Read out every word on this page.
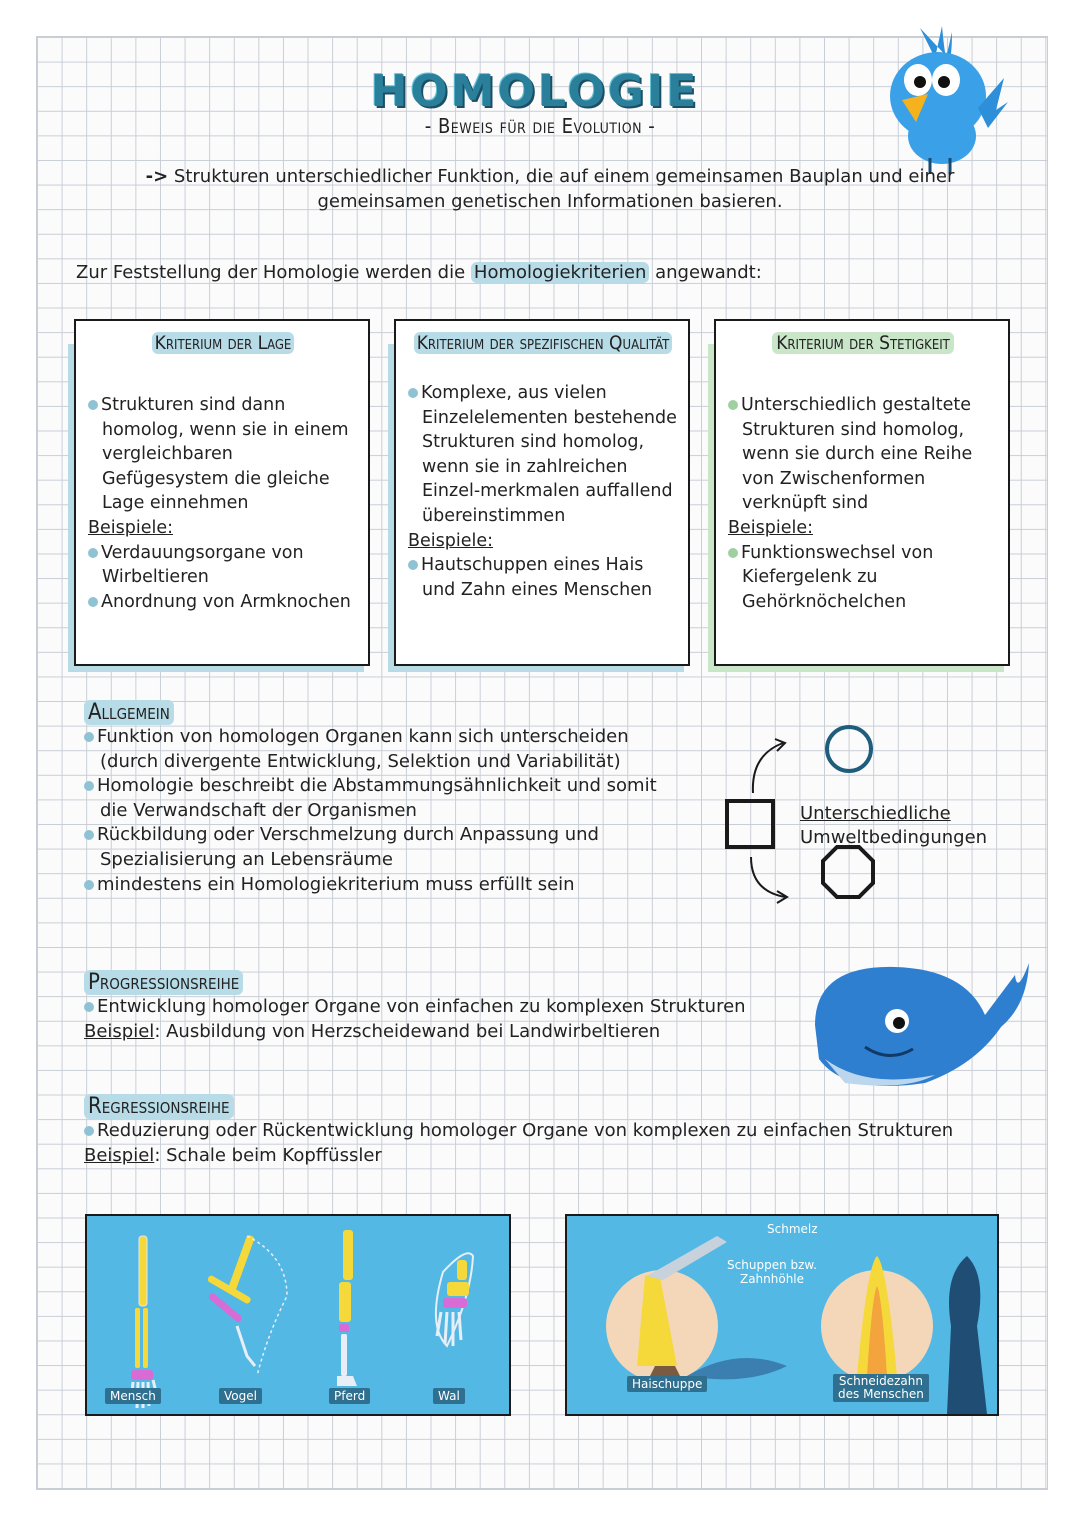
HOMOLOGIE
- Beweis für die Evolution -
-> Strukturen unterschiedlicher Funktion, die auf einem gemeinsamen Bauplan und einer gemeinsamen genetischen Informationen basieren.
Zur Feststellung der Homologie werden die Homologiekriterien angewandt:
Kriterium der Lage
Strukturen sind dann homolog, wenn sie in einem vergleichbaren Gefügesystem die gleiche Lage einnehmen
Beispiele:
Verdauungsorgane von Wirbeltieren
Anordnung von Armknochen
Kriterium der spezifischen Qualität
Komplexe, aus vielen Einzelelementen bestehende Strukturen sind homolog, wenn sie in zahlreichen Einzel-merkmalen auffallend übereinstimmen
Beispiele:
Hautschuppen eines Hais und Zahn eines Menschen
Kriterium der Stetigkeit
Unterschiedlich gestaltete Strukturen sind homolog, wenn sie durch eine Reihe von Zwischenformen verknüpft sind
Beispiele:
Funktionswechsel von Kiefergelenk zu Gehörknöchelchen
Allgemein
Funktion von homologen Organen kann sich unterscheiden (durch divergente Entwicklung, Selektion und Variabilität)
Homologie beschreibt die Abstammungsähnlichkeit und somit die Verwandschaft der Organismen
Rückbildung oder Verschmelzung durch Anpassung und Spezialisierung an Lebensräume
mindestens ein Homologiekriterium muss erfüllt sein
Unterschiedliche
Umweltbedingungen
Progressionsreihe
Entwicklung homologer Organe von einfachen zu komplexen Strukturen
Beispiel: Ausbildung von Herzscheidewand bei Landwirbeltieren
Regressionsreihe
Reduzierung oder Rückentwicklung homologer Organe von komplexen zu einfachen Strukturen
Beispiel: Schale beim Kopffüssler
Mensch	Vogel	Pferd	Wal
Schmelz
Schuppen bzw. Zahnhöhle
Haischuppe	Schneidezahn
des Menschen
